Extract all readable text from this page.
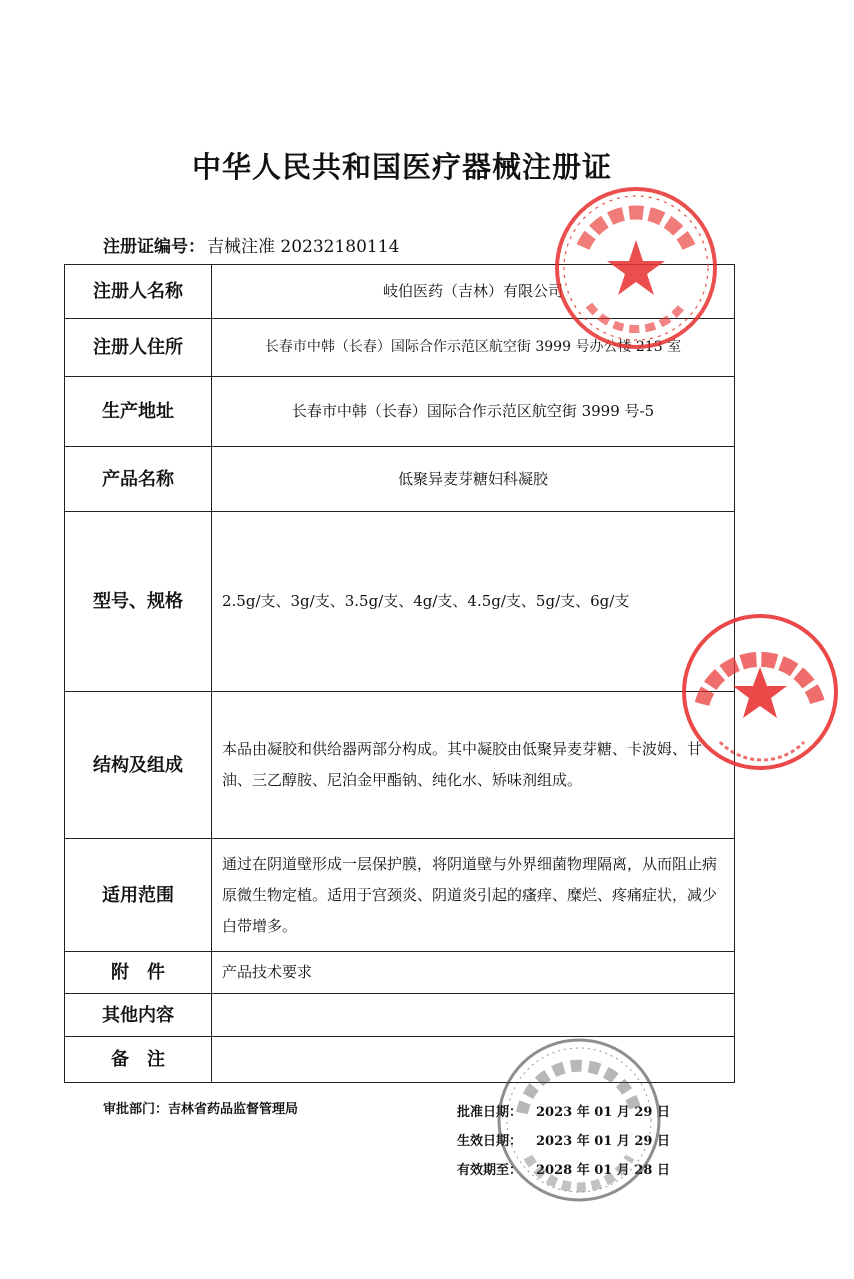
中华人民共和国医疗器械注册证
注册证编号： 吉械注准 20232180114
注册人名称	岐伯医药（吉林）有限公司
注册人住所	长春市中韩（长春）国际合作示范区航空街 3999 号办公楼 213 室
生产地址	长春市中韩（长春）国际合作示范区航空街 3999 号-5
产品名称	低聚异麦芽糖妇科凝胶
型号、规格	2.5g/支、3g/支、3.5g/支、4g/支、4.5g/支、5g/支、6g/支
结构及组成	本品由凝胶和供给器两部分构成。其中凝胶由低聚异麦芽糖、卡波姆、甘油、三乙醇胺、尼泊金甲酯钠、纯化水、矫味剂组成。
适用范围	通过在阴道壁形成一层保护膜，将阴道壁与外界细菌物理隔离，从而阻止病原微生物定植。适用于宫颈炎、阴道炎引起的瘙痒、糜烂、疼痛症状，减少白带增多。
附　件	产品技术要求
其他内容	
备　注	
审批部门：吉林省药品监督管理局	批准日期： 2023 年 01 月 29 日
生效日期： 2023 年 01 月 29 日
有效期至： 2028 年 01 月 28 日
